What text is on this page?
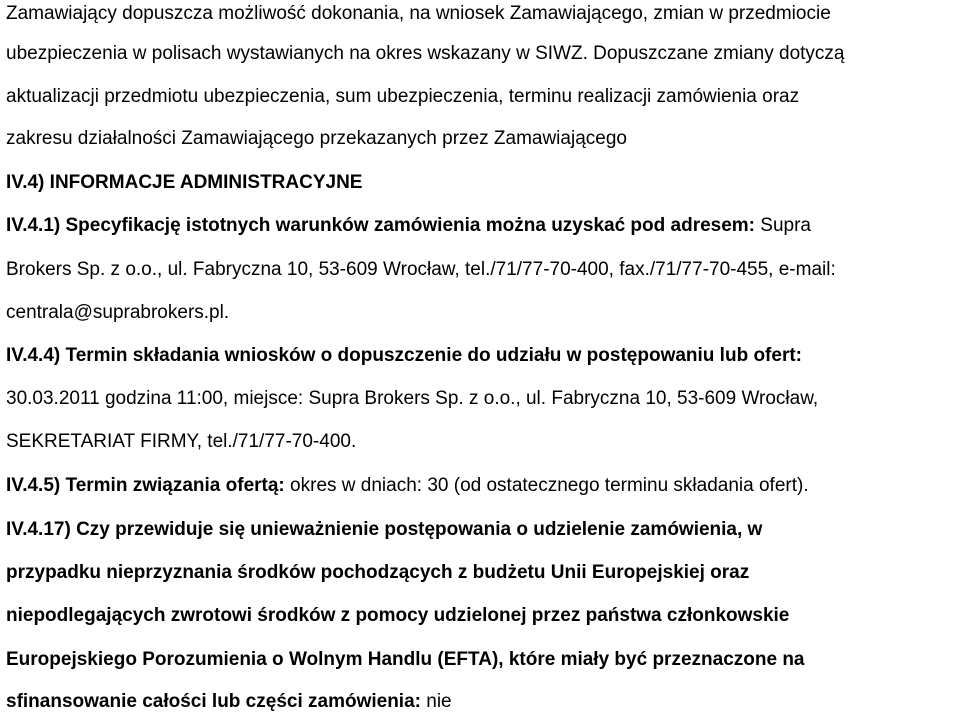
Zamawiający dopuszcza możliwość dokonania, na wniosek Zamawiającego, zmian w przedmiocie
ubezpieczenia w polisach wystawianych na okres wskazany w SIWZ. Dopuszczane zmiany dotyczą
aktualizacji przedmiotu ubezpieczenia, sum ubezpieczenia, terminu realizacji zamówienia oraz
zakresu działalności Zamawiającego przekazanych przez Zamawiającego
IV.4) INFORMACJE ADMINISTRACYJNE
IV.4.1) Specyfikację istotnych warunków zamówienia można uzyskać pod adresem: Supra
Brokers Sp. z o.o., ul. Fabryczna 10, 53-609 Wrocław, tel./71/77-70-400, fax./71/77-70-455, e-mail:
centrala@suprabrokers.pl.
IV.4.4) Termin składania wniosków o dopuszczenie do udziału w postępowaniu lub ofert:
30.03.2011 godzina 11:00, miejsce: Supra Brokers Sp. z o.o., ul. Fabryczna 10, 53-609 Wrocław,
SEKRETARIAT FIRMY, tel./71/77-70-400.
IV.4.5) Termin związania ofertą: okres w dniach: 30 (od ostatecznego terminu składania ofert).
IV.4.17) Czy przewiduje się unieważnienie postępowania o udzielenie zamówienia, w
przypadku nieprzyznania środków pochodzących z budżetu Unii Europejskiej oraz
niepodlegających zwrotowi środków z pomocy udzielonej przez państwa członkowskie
Europejskiego Porozumienia o Wolnym Handlu (EFTA), które miały być przeznaczone na
sfinansowanie całości lub części zamówienia: nie
